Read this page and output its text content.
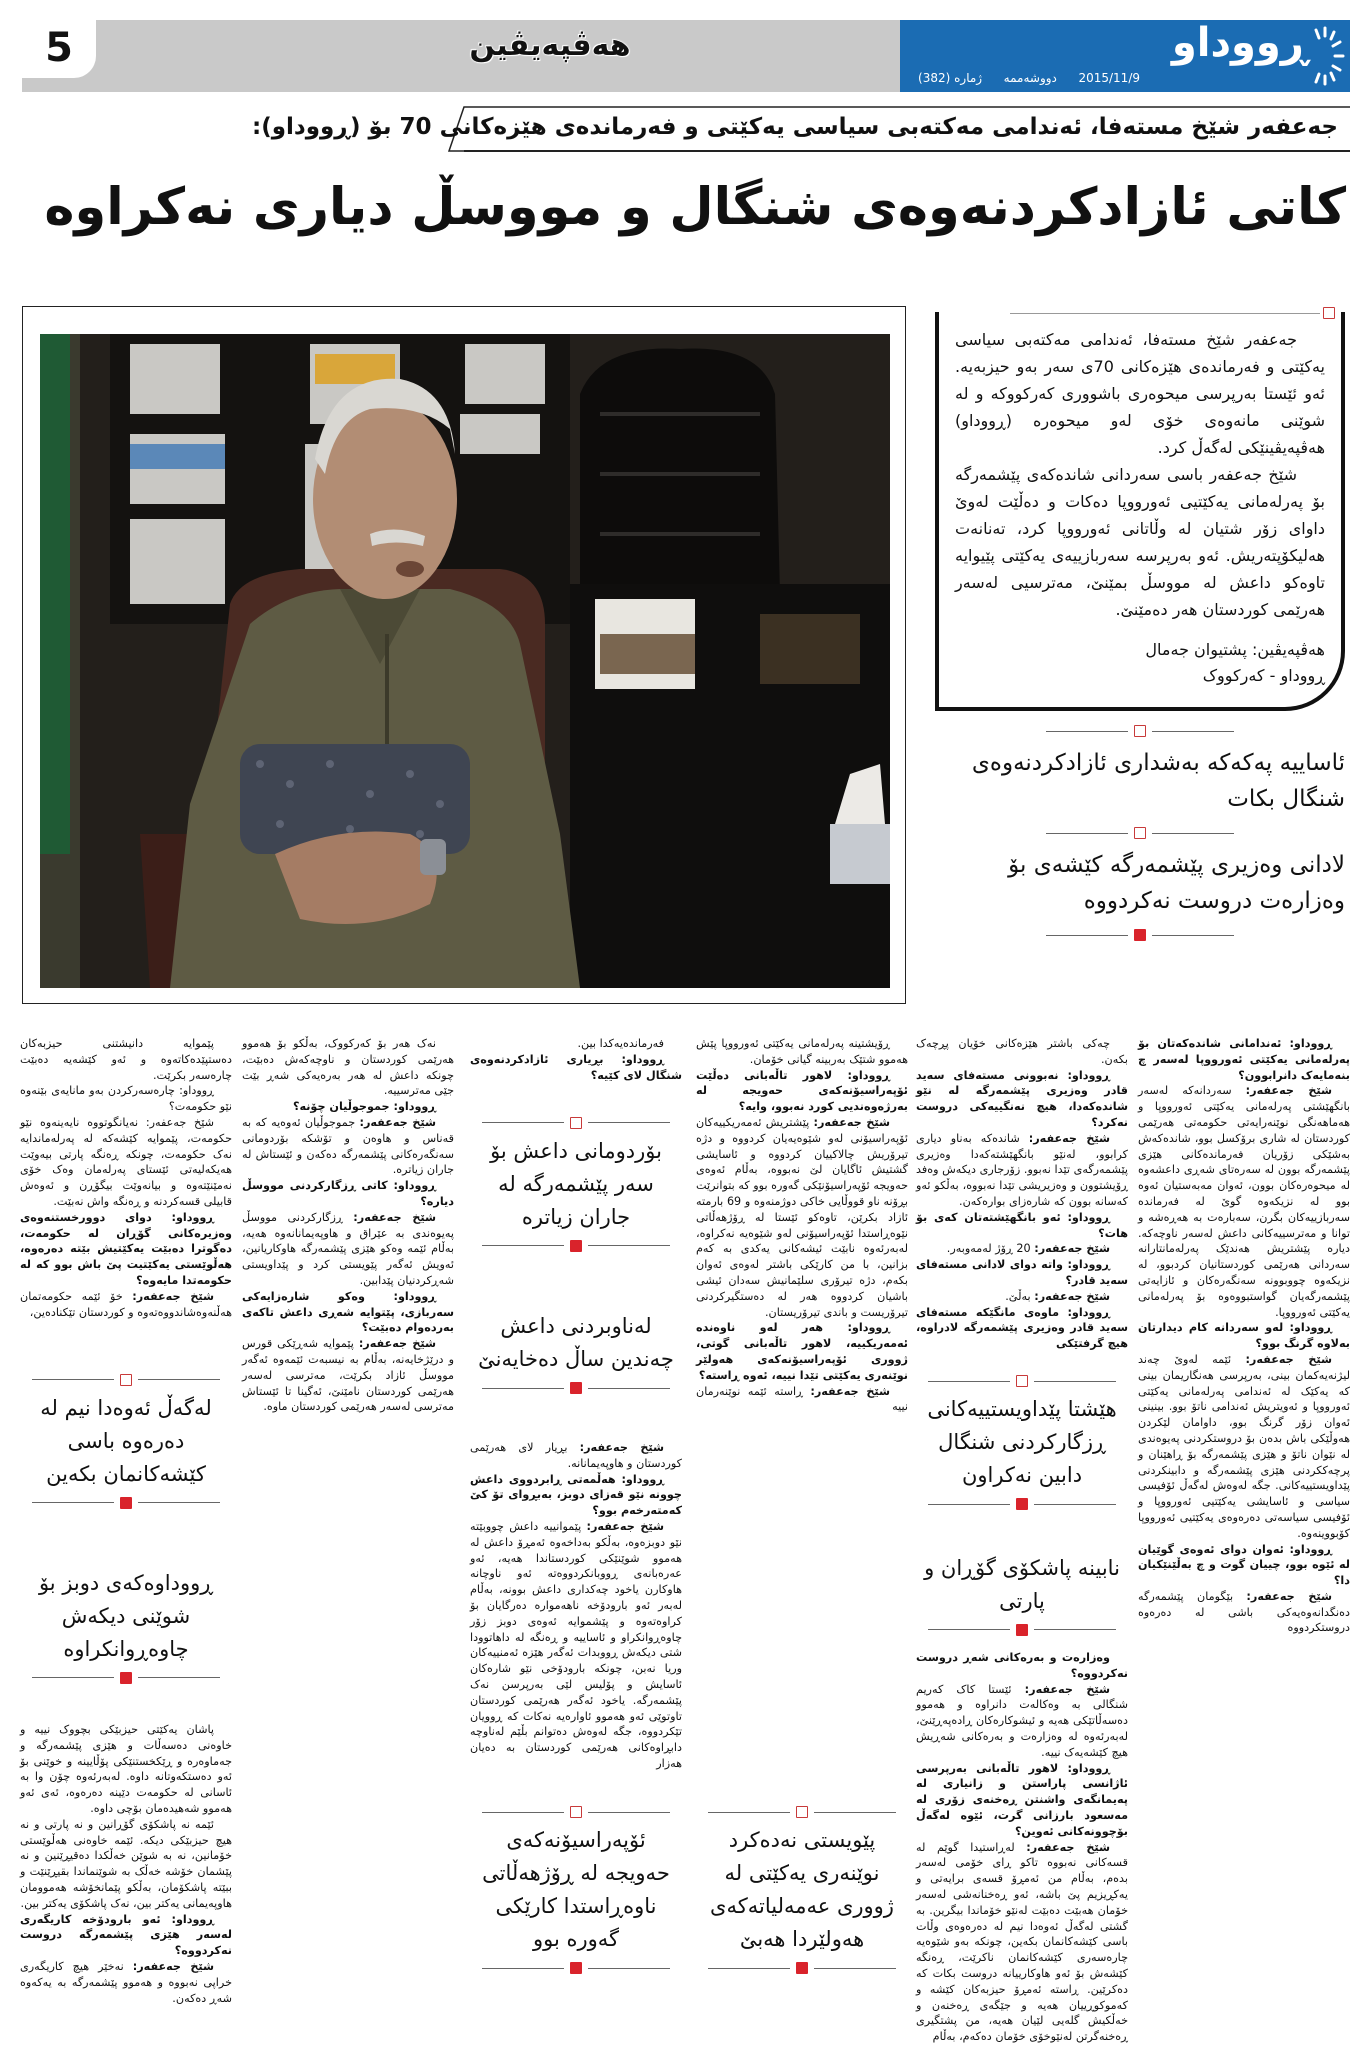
5	هەڤپەیڤین	ڕووداو
ژمارە (382) دووشەممە 2015/11/9
جەعفەر شێخ مستەفا، ئەندامی مەکتەبی سیاسی یەکێتی و فەرماندەی هێزەکانی 70 بۆ (ڕووداو):
کاتی ئازادکردنەوەی شنگال و مووسڵ دیاری نەکراوە

جەعفەر شێخ مستەفا، ئەندامی مەکتەبی سیاسی یەکێتی و فەرماندەی هێزەکانی 70ی سەر بەو حیزبەیە. ئەو ئێستا بەرپرسی میحوەری باشووری کەرکووکە و لە شوێنی مانەوەی خۆی لەو میحوەرە (ڕووداو) هەڤپەیڤینێکی لەگەڵ کرد.

شێخ جەعفەر باسی سەردانی شاندەکەی پێشمەرگە بۆ پەرلەمانی یەکێتیی ئەورووپا دەکات و دەڵێت لەوێ داوای زۆر شتیان لە وڵاتانی ئەورووپا کرد، تەنانەت هەلیکۆپتەریش. ئەو بەرپرسە سەربازییەی یەکێتی پێیوایە تاوەکو داعش لە مووسڵ بمێنێ، مەترسیی لەسەر هەرێمی کوردستان هەر دەمێنێ.

هەڤپەیڤین: پشتیوان جەمال
ڕووداو - کەرکووک
ئاساییە پەکەکە بەشداری ئازادکردنەوەی شنگال بکات
لادانی وەزیری پێشمەرگە کێشەی بۆ وەزارەت دروست نەکردووە

ڕووداو: ئەندامانی شاندەکەتان بۆ پەرلەمانی یەکێتی ئەورووپا لەسەر چ بنەمایەک دانرابوون؟

شێخ جەعفەر: سەردانەکە لەسەر بانگهێشتی پەرلەمانی یەکێتی ئەورووپا و هەماهەنگی نوێنەرایەتی حکومەتی هەرێمی کوردستان لە شاری برۆکسل بوو، شاندەکەش بەشێکی زۆریان فەرماندەکانی هێزی پێشمەرگە بوون لە سەرەتای شەڕی داعشەوە لە میحوەرەکان بوون، ئەوان مەبەستیان ئەوە بوو لە نزیکەوە گوێ لە فەرماندە سەربازییەکان بگرن، سەبارەت بە هەڕەشە و توانا و مەترسییەکانی داعش لەسەر ناوچەکە. دیارە پێشتریش هەندێک پەرلەمانتارانە سەردانی هەرێمی کوردستانیان کردبوو، لە نزیکەوە چووبوونە سەنگەرەکان و ئازایەتی پێشمەرگەیان گواستبووەوە بۆ پەرلەمانی یەکێتی ئەورووپا.

ڕووداو: لەو سەردانە کام دیدارتان بەلاوە گرنگ بوو؟

شێخ جەعفەر: ئێمە لەوێ چەند لیژنەیەکمان بینی، بەرپرسی هەنگاریمان بینی کە یەکێک لە ئەندامی پەرلەمانی یەکێتی ئەورووپا و ئەویتریش ئەندامی ناتۆ بوو. بینینی ئەوان زۆر گرنگ بوو، داوامان لێکردن هەوڵێکی باش بدەن بۆ دروستکردنی پەیوەندی لە نێوان ناتۆ و هێزی پێشمەرگە بۆ ڕاهێنان و پرچەککردنی هێزی پێشمەرگە و دابینکردنی پێداویستییەکانی. جگە لەوەش لەگەڵ ئۆفیسی سیاسی و ئاسایشی یەکێتیی ئەورووپا و ئۆفیسی سیاسەتی دەرەوەی یەکێتیی ئەورووپا کۆبووینەوە.

ڕووداو: ئەوان دوای ئەوەی گوێیان لە ئێوە بوو، چییان گوت و چ بەڵێنێکیان دا؟

شێخ جەعفەر: بێگومان پێشمەرگە دەنگدانەوەیەکی باشی لە دەرەوە دروستکردووە

چەکی باشتر هێزەکانی خۆیان پڕچەک بکەن.

ڕووداو: نەبوونی مستەفای سەید قادر وەزیری پێشمەرگە لە نێو شاندەکەدا، هیچ نەنگییەکی دروست نەکرد؟

شێخ جەعفەر: شاندەکە بەناو دیاری کرابوو، لەنێو بانگهێشتەکەدا وەزیری پێشمەرگەی تێدا نەبوو. زۆرجاری دیکەش وەفد ڕۆیشتوون و وەزیریشی تێدا نەبووە، بەڵکو ئەو کەسانە بوون کە شارەزای بوارەکەن.

ڕووداو: ئەو بانگهێشتەتان کەی بۆ هات؟

شێخ جەعفەر: 20 ڕۆژ لەمەوبەر.

ڕووداو: واتە دوای لادانی مستەفای سەید قادر؟

شێخ جەعفەر: بەڵێ.

ڕووداو: ماوەی مانگێکە مستەفای سەید قادر وەزیری پێشمەرگە لادراوە، هیچ گرفتێکی

هێشتا پێداویستییەکانی ڕزگارکردنی شنگال دابین نەکراون
نابینە پاشکۆی گۆڕان و پارتی

وەزارەت و بەرەکانی شەڕ دروست نەکردووە؟

شێخ جەعفەر: ئێستا کاک کەریم شنگالی بە وەکالەت دانراوە و هەموو دەسەڵاتێکی هەیە و ئیشوکارەکان ڕادەپەڕێنێ، لەبەرئەوە لە وەزارەت و بەرەکانی شەڕیش هیچ کێشەیەک نییە.

ڕووداو: لاهور تاڵەبانی بەرپرسی ئاژانسی پاراستن و زانیاری لە پەیمانگەی واشنتن ڕەخنەی زۆری لە مەسعود بارزانی گرت، ئێوە لەگەڵ بۆچوونەکانی ئەوین؟

شێخ جەعفەر: لەڕاستیدا گوێم لە قسەکانی نەبووە تاکو ڕای خۆمی لەسەر بدەم، بەڵام من ئەمڕۆ قسەی برایەتی و یەکڕیزیم پێ باشە، ئەو ڕەخنانەشی لەسەر خۆمان هەبێت دەبێت لەنێو خۆماندا بیگرین. بە گشتی لەگەڵ ئەوەدا نیم لە دەرەوەی وڵات باسی کێشەکانمان بکەین، چونکە بەو شێوەیە چارەسەری کێشەکانمان ناکرێت، ڕەنگە کێشەش بۆ ئەو هاوکارییانە دروست بکات کە دەکرێین. ڕاستە ئەمڕۆ حیزبەکان کێشە و کەموکوڕییان هەیە و جێگەی ڕەخنەن و خەڵکیش گلەیی لێیان هەیە، من پشتگیری ڕەخنەگرتن لەنێوخۆی خۆمان دەکەم، بەڵام

ڕۆیشتینە پەرلەمانی یەکێتی ئەورووپا پێش هەموو شتێک بەربینە گیانی خۆمان.

ڕووداو: لاهور تاڵەبانی دەڵێت ئۆپەراسیۆنەکەی حەویجە لە بەرژەوەندیی کورد نەبوو، وایە؟

شێخ جەعفەر: پێشتریش ئەمەریکییەکان ئۆپەراسیۆنی لەو شێوەیەیان کردووە و دژە تیرۆریش چالاکییان کردووە و ئاسایشی گشتیش ئاگایان لێ نەبووە، بەڵام ئەوەی حەویجە ئۆپەراسیۆنێکی گەورە بوو کە بتوانرێت بڕۆنە ناو قووڵایی خاکی دوژمنەوە و 69 بارمتە ئازاد بکرێن، تاوەکو ئێستا لە ڕۆژهەڵاتی نێوەڕاستدا ئۆپەراسیۆنی لەو شێوەیە نەکراوە، لەبەرئەوە نابێت ئیشەکانی یەکدی بە کەم بزانین، با من کارێکی باشتر لەوەی ئەوان بکەم، دژە تیرۆری سلێمانیش سەدان ئیشی باشیان کردووە هەر لە دەستگیرکردنی تیرۆریست و باندی تیرۆریستان.

ڕووداو: هەر لەو ناوەندە ئەمەریکییە، لاهور تاڵەبانی گوتی، ژووری ئۆپەراسیۆنەکەی هەولێر نوێنەری یەکێتی تێدا نییە، ئەوە ڕاستە؟

شێخ جەعفەر: ڕاستە ئێمە نوێنەرمان نییە

پێویستی نەدەکرد نوێنەری یەکێتی لە ژووری عەمەلیاتەکەی هەولێردا هەبێ

فەرماندەیەکدا بین.

ڕووداو: بڕیاری ئازادکردنەوەی شنگال لای کێیە؟

بۆردومانی داعش بۆ سەر پێشمەرگە لە جاران زیاترە
لەناوبردنی داعش چەندین ساڵ دەخایەنێ

شێخ جەعفەر: بڕیار لای هەرێمی کوردستان و هاوپەیمانانە.

ڕووداو: هەڵمەتی ڕابردووی داعش چوونە نێو قەزای دوبز، بەبڕوای تۆ کێ کەمتەرخەم بوو؟

شێخ جەعفەر: پێموانییە داعش چووبێتە نێو دوبزەوە، بەڵکو بەداخەوە ئەمڕۆ داعش لە هەموو شوێنێکی کوردستاندا هەیە، ئەو عەرەبانەی ڕووبانکردووەتە ئەو ناوچانە هاوکارن یاخود چەکداری داعش بوونە، بەڵام لەبەر ئەو بارودۆخە ناهەموارە دەرگایان بۆ کراوەتەوە و پێشموایە ئەوەی دوبز زۆر چاوەڕوانکراو و ئاساییە و ڕەنگە لە داهاتوودا شتی دیکەش ڕووبدات ئەگەر هێزە ئەمنییەکان وریا نەبن، چونکە بارودۆخی نێو شارەکان ئاسایش و پۆلیس لێی بەرپرسن نەک پێشمەرگە. یاخود ئەگەر هەرێمی کوردستان تاوتوێی ئەو هەموو ئاوارەیە نەکات کە ڕوویان تێکردووە، جگە لەوەش دەتوانم بڵێم لەناوچە دابڕاوەکانی هەرێمی کوردستان بە دەیان هەزار

ئۆپەراسیۆنەکەی حەویجە لە ڕۆژهەڵاتی ناوەڕاستدا کارێکی گەورە بوو

نەک هەر بۆ کەرکووک، بەڵکو بۆ هەموو هەرێمی کوردستان و ناوچەکەش دەبێت، چونکە داعش لە هەر بەرەیەکی شەڕ بێت جێی مەترسییە.

ڕووداو: جموجوڵیان چۆنە؟

شێخ جەعفەر: جموجوڵیان ئەوەیە کە بە قەناس و هاوەن و تۆشکە بۆردومانی سەنگەرەکانی پێشمەرگە دەکەن و ئێستاش لە جاران زیاترە.

ڕووداو: کاتی ڕزگارکردنی مووسڵ دیارە؟

شێخ جەعفەر: ڕزگارکردنی مووسڵ پەیوەندی بە عێراق و هاوپەیمانانەوە هەیە، بەڵام ئێمە وەکو هێزی پێشمەرگە هاوکاریانین، ئەویش ئەگەر پێویستی کرد و پێداویستی شەڕکردنیان پێدابین.

ڕووداو: وەکو شارەزایەکی سەربازی، پێتوایە شەڕی داعش تاکەی بەردەوام دەبێت؟

شێخ جەعفەر: پێموایە شەڕێکی قورس و درێژخایەنە، بەڵام بە نیسبەت ئێمەوە ئەگەر مووسڵ ئازاد بکرێت، مەترسی لەسەر هەرێمی کوردستان نامێنێ، ئەگینا تا ئێستاش مەترسی لەسەر هەرێمی کوردستان ماوە.

پێموایە دانیشتنی حیزبەکان دەستپێدەکاتەوە و ئەو کێشەیە دەبێت چارەسەر بکرێت.

ڕووداو: چارەسەرکردن بەو مانایەی بێنەوە نێو حکومەت؟

شێخ جەعفەر: نەیانگوتووە نایەینەوە نێو حکومەت، پێموایە کێشەکە لە پەرلەماندایە نەک حکومەت، چونکە ڕەنگە پارتی بیەوێت هەیکەلیەتی ئێستای پەرلەمان وەک خۆی نەمێنێتەوە و بیانەوێت بیگۆڕن و ئەوەش قابیلی قسەکردنە و ڕەنگە واش نەبێت.

ڕووداو: دوای دوورخستنەوەی وەزیرەکانی گۆڕان لە حکومەت، دەگوترا دەبێت یەکێتیش بێتە دەرەوە، هەڵوێستی یەکێتیت پێ باش بوو کە لە حکومەتدا مایەوە؟

شێخ جەعفەر: خۆ ئێمە حکومەتمان هەڵنەوەشاندووەتەوە و کوردستان تێکنادەین،

لەگەڵ ئەوەدا نیم لە دەرەوە باسی کێشەکانمان بکەین
ڕووداوەکەی دوبز بۆ شوێنی دیکەش چاوەڕوانکراوە

پاشان یەکێتی حیزبێکی بچووک نییە و خاوەنی دەسەڵات و هێزی پێشمەرگە و جەماوەرە و ڕێکخستنێکی پۆڵایینە و خوێنی بۆ ئەو دەستکەوتانە داوە. لەبەرئەوە چۆن وا بە ئاسانی لە حکومەت دێینە دەرەوە، ئەی ئەو هەموو شەهیدەمان بۆچی داوە.

ئێمە نە پاشکۆی گۆڕانین و نە پارتی و نە هیچ حیزبێکی دیکە. ئێمە خاوەنی هەڵوێستی خۆمانین، نە بە شوێن خەڵکدا دەقیڕێنین و نە پێشمان خۆشە خەڵک بە شوێنماندا بقیڕێنێت و ببێتە پاشکۆمان، بەڵکو پێمانخۆشە هەموومان هاوپەیمانی یەکتر بین، نەک پاشکۆی یەکتر بین.

ڕووداو: ئەو بارودۆخە کاریگەری لەسەر هێزی پێشمەرگە دروست نەکردووە؟

شێخ جەعفەر: نەخێر هیچ کاریگەری خراپی نەبووە و هەموو پێشمەرگە بە یەکەوە شەڕ دەکەن.
